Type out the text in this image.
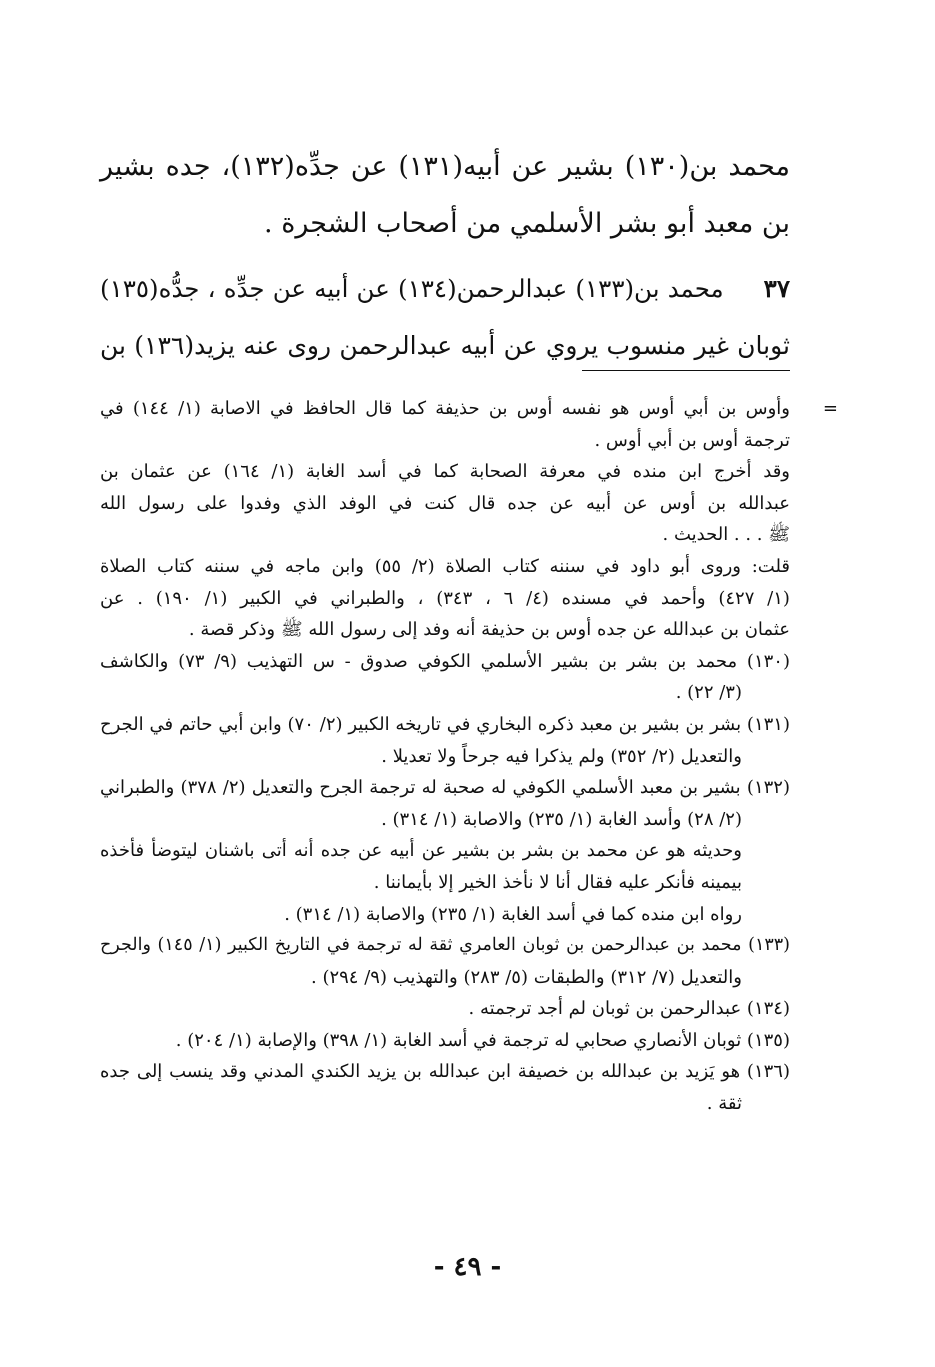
محمد بن(١٣٠) بشير عن أبيه(١٣١) عن جدِّه(١٣٢)، جده بشير
بن معبد أبو بشر الأسلمي من أصحاب الشجرة .
٣٧محمد بن(١٣٣) عبدالرحمن(١٣٤) عن أبيه عن جدِّه ، جدُّه(١٣٥)
ثوبان غير منسوب يروي عن أبيه عبدالرحمن روى عنه يزيد(١٣٦) بن
=
وأوس بن أبي أوس هو نفسه أوس بن حذيفة كما قال الحافظ في الاصابة (١/ ١٤٤) في
ترجمة أوس بن أبي أوس .
وقد أخرج ابن منده في معرفة الصحابة كما في أسد الغابة (١/ ١٦٤) عن عثمان بن
عبدالله بن أوس عن أبيه عن جده قال كنت في الوفد الذي وفدوا على رسول الله
ﷺ . . . الحديث .
قلت: وروى أبو داود في سننه كتاب الصلاة (٢/ ٥٥) وابن ماجه في سننه كتاب الصلاة
(١/ ٤٢٧) وأحمد في مسنده (٤/ ٦ ، ٣٤٣) ، والطبراني في الكبير (١/ ١٩٠) . عن
عثمان بن عبدالله عن جده أوس بن حذيفة أنه وفد إلى رسول الله ﷺ وذكر قصة .
(١٣٠) محمد بن بشر بن بشير الأسلمي الكوفي صدوق - س التهذيب (٩/ ٧٣) والكاشف
(٣/ ٢٢) .
(١٣١) بشر بن بشير بن معبد ذكره البخاري في تاريخه الكبير (٢/ ٧٠) وابن أبي حاتم في الجرح
والتعديل (٢/ ٣٥٢) ولم يذكرا فيه جرحاً ولا تعديلا .
(١٣٢) بشير بن معبد الأسلمي الكوفي له صحبة له ترجمة الجرح والتعديل (٢/ ٣٧٨) والطبراني
(٢/ ٢٨) وأسد الغابة (١/ ٢٣٥) والاصابة (١/ ٣١٤) .
وحديثه هو عن محمد بن بشر بن بشير عن أبيه عن جده أنه أتى باشنان ليتوضأ فأخذه
بيمينه فأنكر عليه فقال أنا لا نأخذ الخير إلا بأيماننا .
رواه ابن منده كما في أسد الغابة (١/ ٢٣٥) والاصابة (١/ ٣١٤) .
(١٣٣) محمد بن عبدالرحمن بن ثوبان العامري ثقة له ترجمة في التاريخ الكبير (١/ ١٤٥) والجرح
والتعديل (٧/ ٣١٢) والطبقات (٥/ ٢٨٣) والتهذيب (٩/ ٢٩٤) .
(١٣٤) عبدالرحمن بن ثوبان لم أجد ترجمته .
(١٣٥) ثوبان الأنصاري صحابي له ترجمة في أسد الغابة (١/ ٣٩٨) والإصابة (١/ ٢٠٤) .
(١٣٦) هو يَزيد بن عبدالله بن خصيفة ابن عبدالله بن يزيد الكندي المدني وقد ينسب إلى جده
ثقة .
- ٤٩ -
